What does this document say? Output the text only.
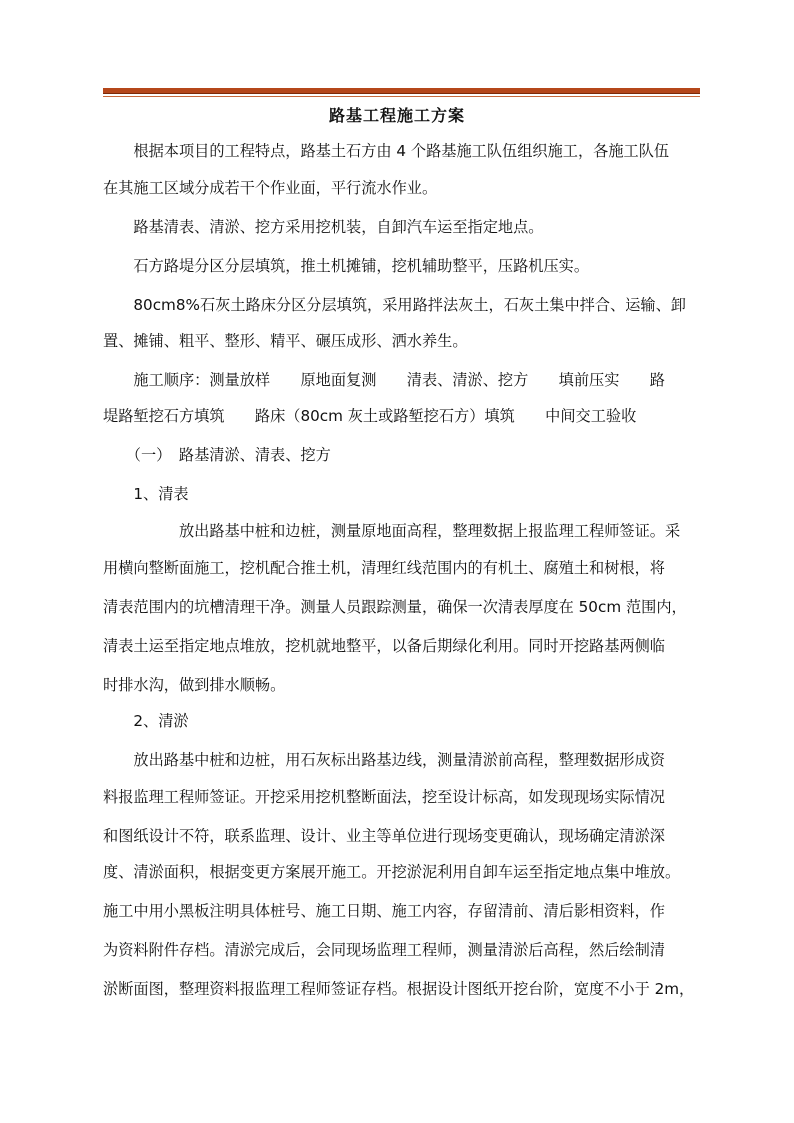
路基工程施工方案
　　根据本项目的工程特点，路基土石方由 4 个路基施工队伍组织施工，各施工队伍
在其施工区域分成若干个作业面，平行流水作业。
　　路基清表、清淤、挖方采用挖机装，自卸汽车运至指定地点。
　　石方路堤分区分层填筑，推土机摊铺，挖机辅助整平，压路机压实。
　　80cm8%石灰土路床分区分层填筑，采用路拌法灰土，石灰土集中拌合、运输、卸
置、摊铺、粗平、整形、精平、碾压成形、洒水养生。
　　施工顺序：测量放样　　原地面复测　　清表、清淤、挖方　　填前压实　　路
堤路堑挖石方填筑　　路床（80cm 灰土或路堑挖石方）填筑　　中间交工验收
　　（一）　路基清淤、清表、挖方
　　1、清表
　　　　　放出路基中桩和边桩，测量原地面高程，整理数据上报监理工程师签证。采
用横向整断面施工，挖机配合推土机，清理红线范围内的有机土、腐殖土和树根，将
清表范围内的坑槽清理干净。测量人员跟踪测量，确保一次清表厚度在 50cm 范围内，
清表土运至指定地点堆放，挖机就地整平，以备后期绿化利用。同时开挖路基两侧临
时排水沟，做到排水顺畅。
　　2、清淤
　　放出路基中桩和边桩，用石灰标出路基边线，测量清淤前高程，整理数据形成资
料报监理工程师签证。开挖采用挖机整断面法，挖至设计标高，如发现现场实际情况
和图纸设计不符，联系监理、设计、业主等单位进行现场变更确认，现场确定清淤深
度、清淤面积，根据变更方案展开施工。开挖淤泥利用自卸车运至指定地点集中堆放。
施工中用小黑板注明具体桩号、施工日期、施工内容，存留清前、清后影相资料，作
为资料附件存档。清淤完成后，会同现场监理工程师，测量清淤后高程，然后绘制清
淤断面图，整理资料报监理工程师签证存档。根据设计图纸开挖台阶，宽度不小于 2m，
